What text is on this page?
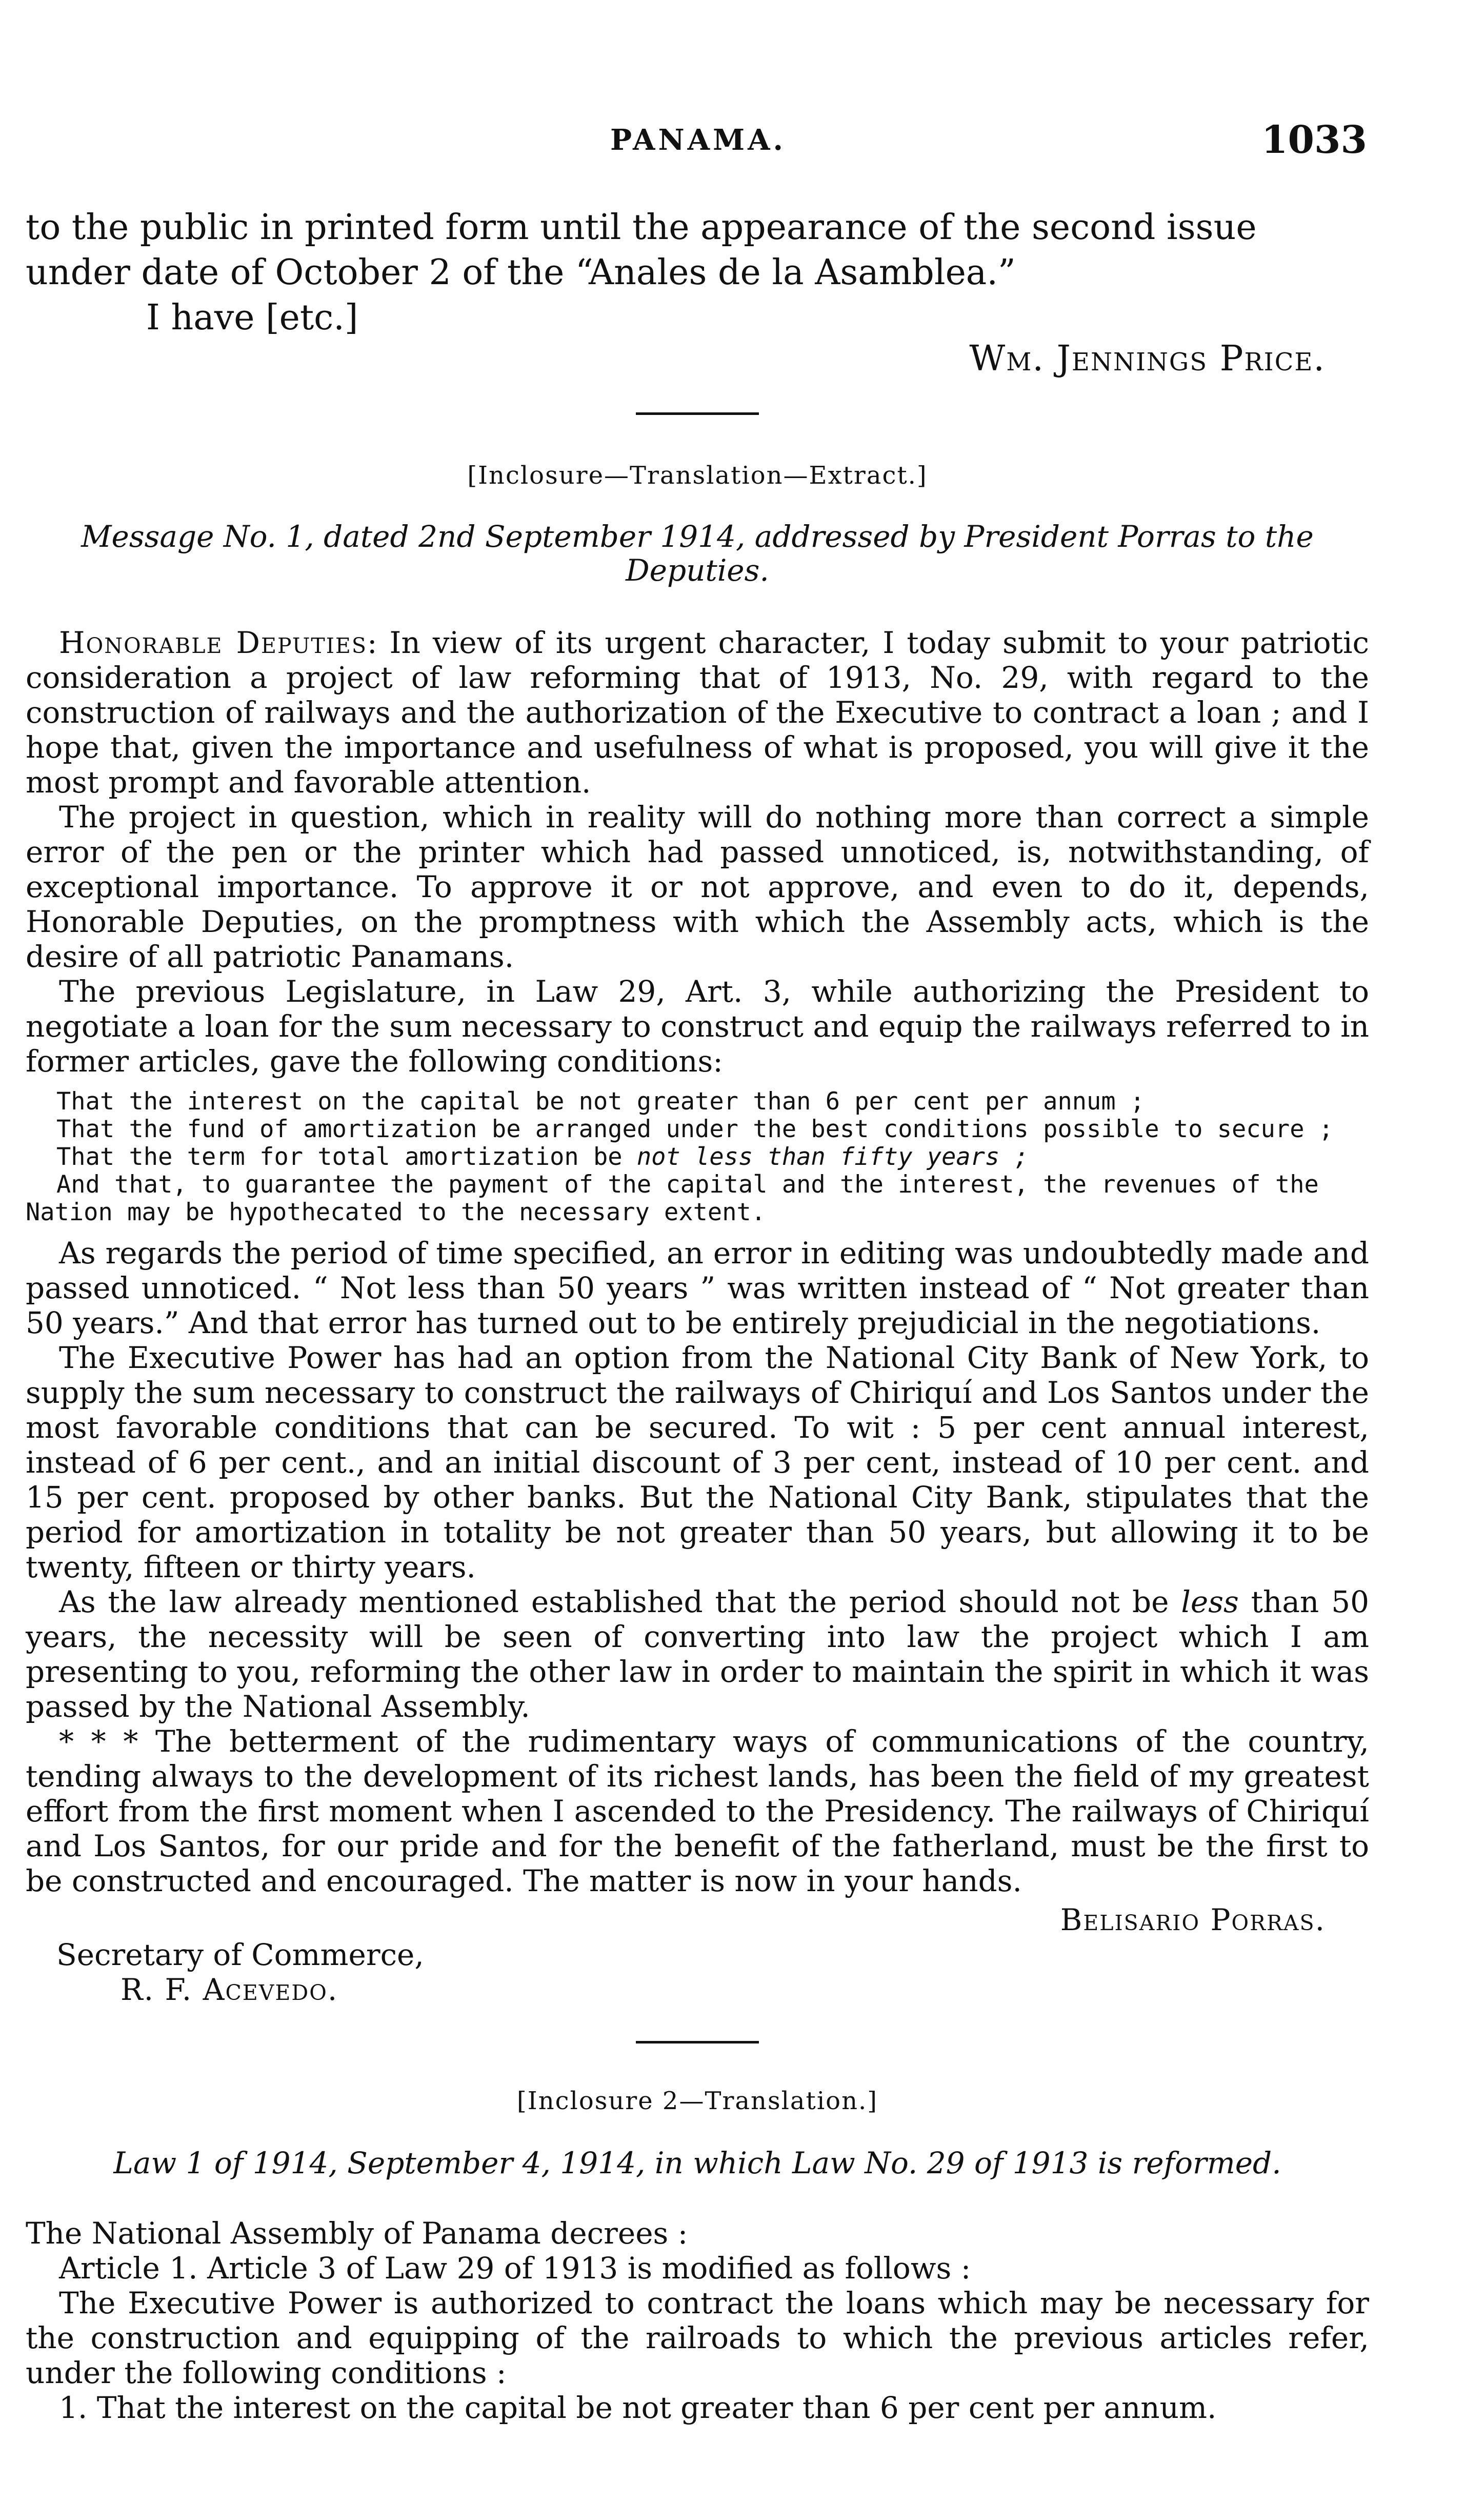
PANAMA.	1033

to the public in printed form until the appearance of the second issue

under date of October 2 of the “Anales de la Asamblea.”

I have [etc.]

Wm. Jennings Price.

[Inclosure—Translation—Extract.]

Message No. 1, dated 2nd September 1914, addressed by President Porras to the Deputies.

Honorable Deputies: In view of its urgent character, I today submit to your patriotic consideration a project of law reforming that of 1913, No. 29, with regard to the construction of railways and the authorization of the Executive to contract a loan ; and I hope that, given the importance and usefulness of what is proposed, you will give it the most prompt and favorable attention.

The project in question, which in reality will do nothing more than correct a simple error of the pen or the printer which had passed unnoticed, is, notwithstanding, of exceptional importance. To approve it or not approve, and even to do it, depends, Honorable Deputies, on the promptness with which the Assembly acts, which is the desire of all patriotic Panamans.

The previous Legislature, in Law 29, Art. 3, while authorizing the President to negotiate a loan for the sum necessary to construct and equip the railways referred to in former articles, gave the following conditions:

That the interest on the capital be not greater than 6 per cent per annum ;

That the fund of amortization be arranged under the best conditions possible to secure ;

That the term for total amortization be not less than fifty years ;

And that, to guarantee the payment of the capital and the interest, the revenues of the Nation may be hypothecated to the necessary extent.

As regards the period of time specified, an error in editing was undoubtedly made and passed unnoticed. “ Not less than 50 years ” was written instead of “ Not greater than 50 years.” And that error has turned out to be entirely prejudicial in the negotiations.

The Executive Power has had an option from the National City Bank of New York, to supply the sum necessary to construct the railways of Chiriquí and Los Santos under the most favorable conditions that can be secured. To wit : 5 per cent annual interest, instead of 6 per cent., and an initial discount of 3 per cent, instead of 10 per cent. and 15 per cent. proposed by other banks. But the National City Bank, stipulates that the period for amortization in totality be not greater than 50 years, but allowing it to be twenty, fifteen or thirty years.

As the law already mentioned established that the period should not be less than 50 years, the necessity will be seen of converting into law the project which I am presenting to you, reforming the other law in order to maintain the spirit in which it was passed by the National Assembly.

* * * The betterment of the rudimentary ways of communications of the country, tending always to the development of its richest lands, has been the field of my greatest effort from the first moment when I ascended to the Presidency. The railways of Chiriquí and Los Santos, for our pride and for the benefit of the fatherland, must be the first to be constructed and encouraged. The matter is now in your hands.

Belisario Porras.

Secretary of Commerce,

R. F. Acevedo.

[Inclosure 2—Translation.]

Law 1 of 1914, September 4, 1914, in which Law No. 29 of 1913 is reformed.

The National Assembly of Panama decrees :

Article 1. Article 3 of Law 29 of 1913 is modified as follows :

The Executive Power is authorized to contract the loans which may be necessary for the construction and equipping of the railroads to which the previous articles refer, under the following conditions :

1. That the interest on the capital be not greater than 6 per cent per annum.
